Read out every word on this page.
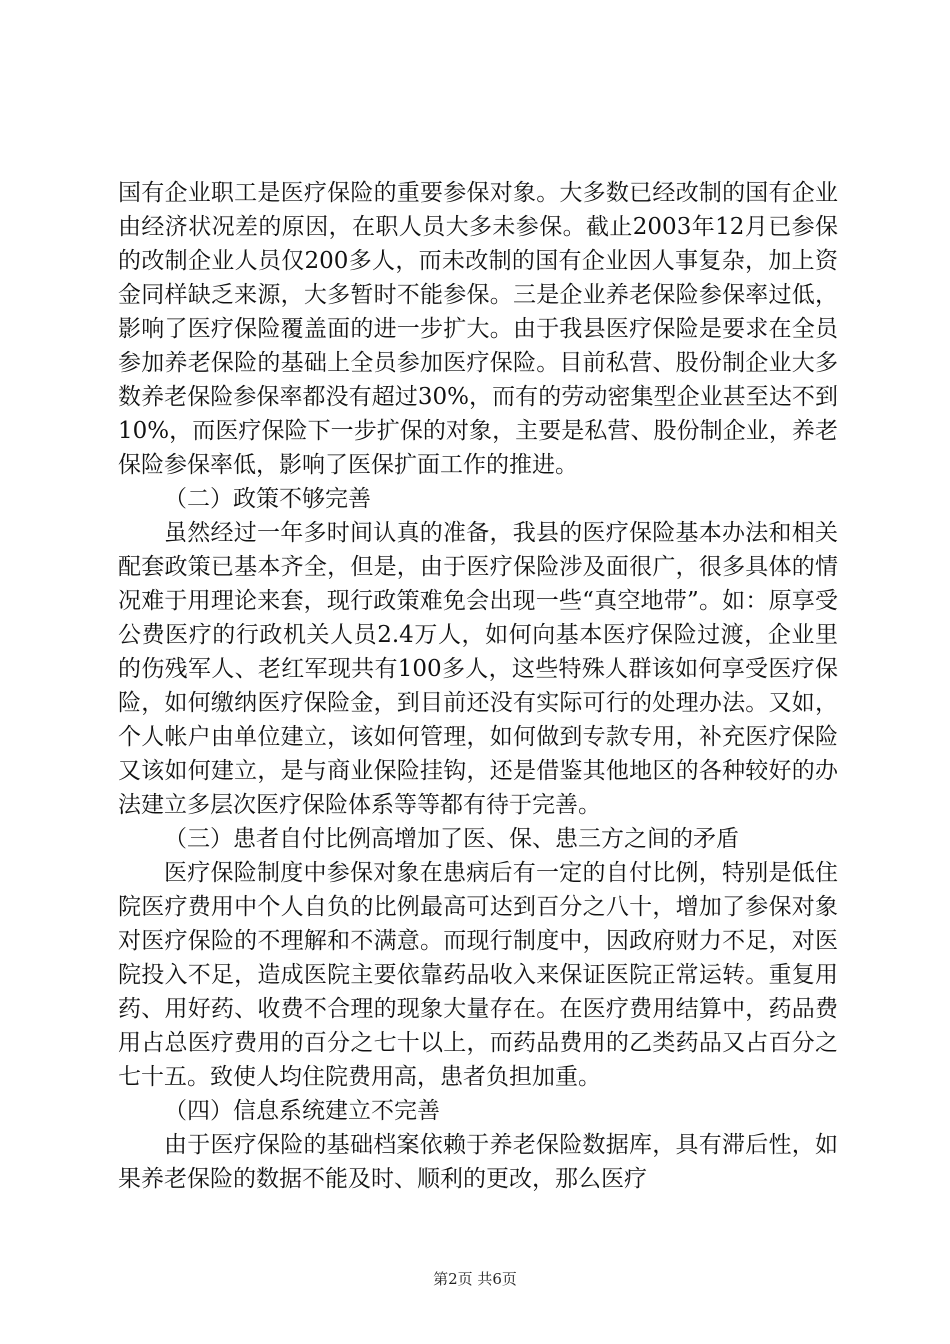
国有企业职工是医疗保险的重要参保对象。大多数已经改制的国有企业由经济状况差的原因，在职人员大多未参保。截止2003年12月已参保的改制企业人员仅200多人，而未改制的国有企业因人事复杂，加上资金同样缺乏来源，大多暂时不能参保。三是企业养老保险参保率过低，影响了医疗保险覆盖面的进一步扩大。由于我县医疗保险是要求在全员参加养老保险的基础上全员参加医疗保险。目前私营、股份制企业大多数养老保险参保率都没有超过30%，而有的劳动密集型企业甚至达不到10%，而医疗保险下一步扩保的对象，主要是私营、股份制企业，养老保险参保率低，影响了医保扩面工作的推进。

（二）政策不够完善

虽然经过一年多时间认真的准备，我县的医疗保险基本办法和相关配套政策已基本齐全，但是，由于医疗保险涉及面很广，很多具体的情况难于用理论来套，现行政策难免会出现一些“真空地带”。如：原享受公费医疗的行政机关人员2.4万人，如何向基本医疗保险过渡，企业里的伤残军人、老红军现共有100多人，这些特殊人群该如何享受医疗保险，如何缴纳医疗保险金，到目前还没有实际可行的处理办法。又如，个人帐户由单位建立，该如何管理，如何做到专款专用，补充医疗保险又该如何建立，是与商业保险挂钩，还是借鉴其他地区的各种较好的办法建立多层次医疗保险体系等等都有待于完善。

（三）患者自付比例高增加了医、保、患三方之间的矛盾

医疗保险制度中参保对象在患病后有一定的自付比例，特别是低住院医疗费用中个人自负的比例最高可达到百分之八十，增加了参保对象对医疗保险的不理解和不满意。而现行制度中，因政府财力不足，对医院投入不足，造成医院主要依靠药品收入来保证医院正常运转。重复用药、用好药、收费不合理的现象大量存在。在医疗费用结算中，药品费用占总医疗费用的百分之七十以上，而药品费用的乙类药品又占百分之七十五。致使人均住院费用高，患者负担加重。

（四）信息系统建立不完善

由于医疗保险的基础档案依赖于养老保险数据库，具有滞后性，如果养老保险的数据不能及时、顺利的更改，那么医疗

第2页 共6页
